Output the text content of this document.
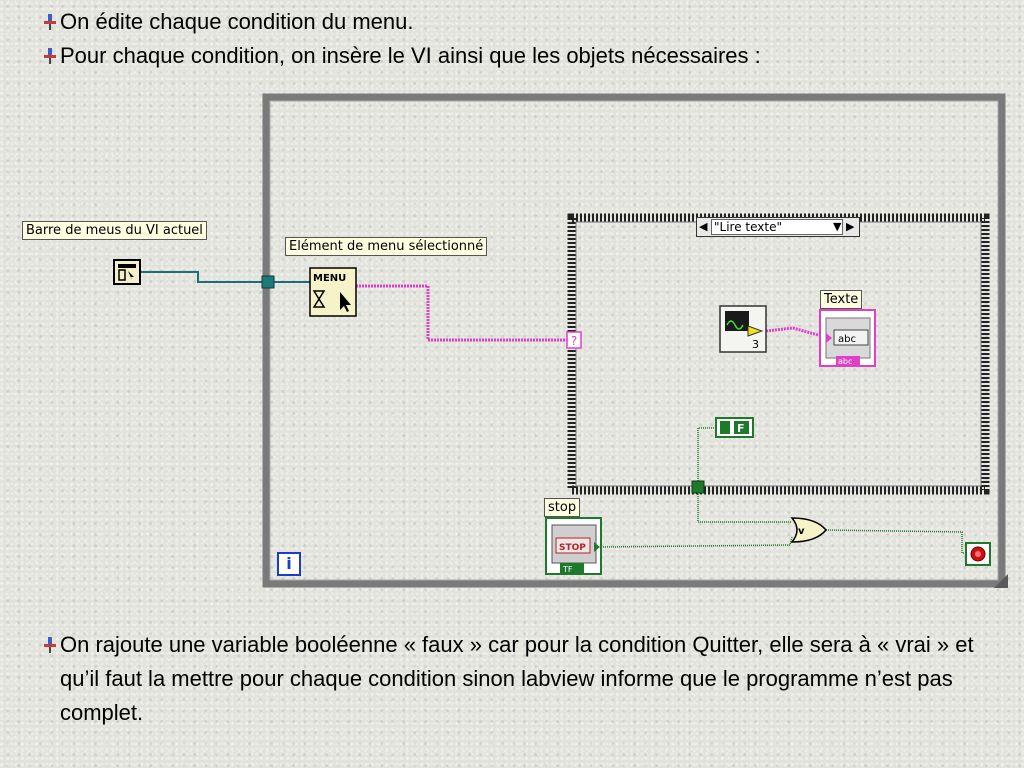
On édite chaque condition du menu.
Pour chaque condition, on insère le VI ainsi que les objets nécessaires :
?
MENU
3	abc
abc
F
STOP
TF
v
Barre de meus du VI actuel
Elément de menu sélectionné
Texte
stop
◀ "Lire texte"	▼ ▶
i
On rajoute une variable booléenne « faux » car pour la condition Quitter, elle sera à « vrai » et qu’il faut la mettre pour chaque condition sinon labview informe que le programme n’est pas complet.
